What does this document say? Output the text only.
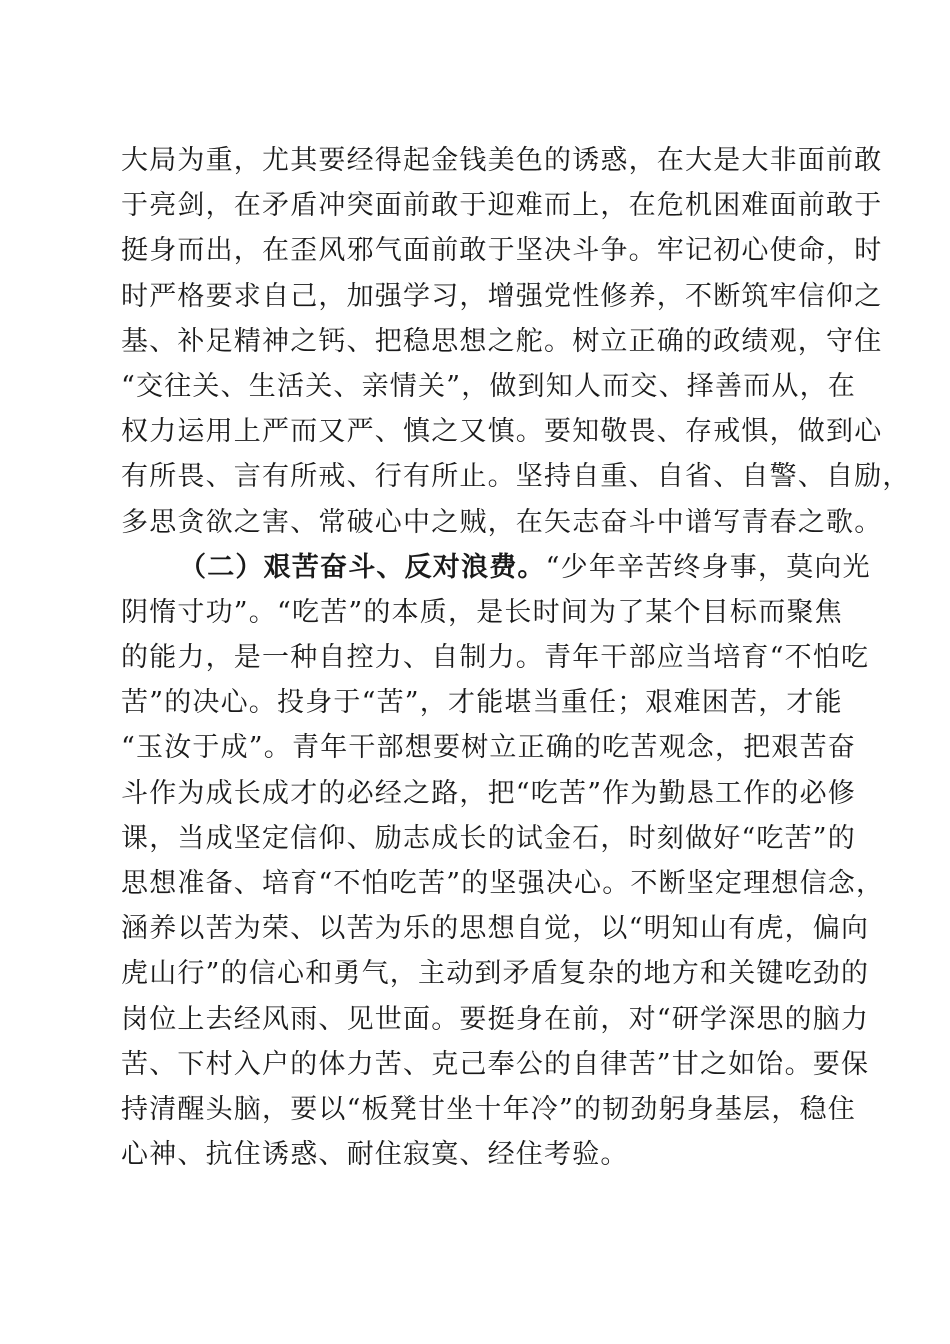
大局为重，尤其要经得起金钱美色的诱惑，在大是大非面前敢
于亮剑，在矛盾冲突面前敢于迎难而上，在危机困难面前敢于
挺身而出，在歪风邪气面前敢于坚决斗争。牢记初心使命，时
时严格要求自己，加强学习，增强党性修养，不断筑牢信仰之
基、补足精神之钙、把稳思想之舵。树立正确的政绩观，守住
“交往关、生活关、亲情关”，做到知人而交、择善而从，在
权力运用上严而又严、慎之又慎。要知敬畏、存戒惧，做到心
有所畏、言有所戒、行有所止。坚持自重、自省、自警、自励，
多思贪欲之害、常破心中之贼，在矢志奋斗中谱写青春之歌。
（二）艰苦奋斗、反对浪费。“少年辛苦终身事，莫向光
阴惰寸功”。“吃苦”的本质，是长时间为了某个目标而聚焦
的能力，是一种自控力、自制力。青年干部应当培育“不怕吃
苦”的决心。投身于“苦”，才能堪当重任；艰难困苦，才能
“玉汝于成”。青年干部想要树立正确的吃苦观念，把艰苦奋
斗作为成长成才的必经之路，把“吃苦”作为勤恳工作的必修
课，当成坚定信仰、励志成长的试金石，时刻做好“吃苦”的
思想准备、培育“不怕吃苦”的坚强决心。不断坚定理想信念，
涵养以苦为荣、以苦为乐的思想自觉，以“明知山有虎，偏向
虎山行”的信心和勇气，主动到矛盾复杂的地方和关键吃劲的
岗位上去经风雨、见世面。要挺身在前，对“研学深思的脑力
苦、下村入户的体力苦、克己奉公的自律苦”甘之如饴。要保
持清醒头脑，要以“板凳甘坐十年冷”的韧劲躬身基层，稳住
心神、抗住诱惑、耐住寂寞、经住考验。
